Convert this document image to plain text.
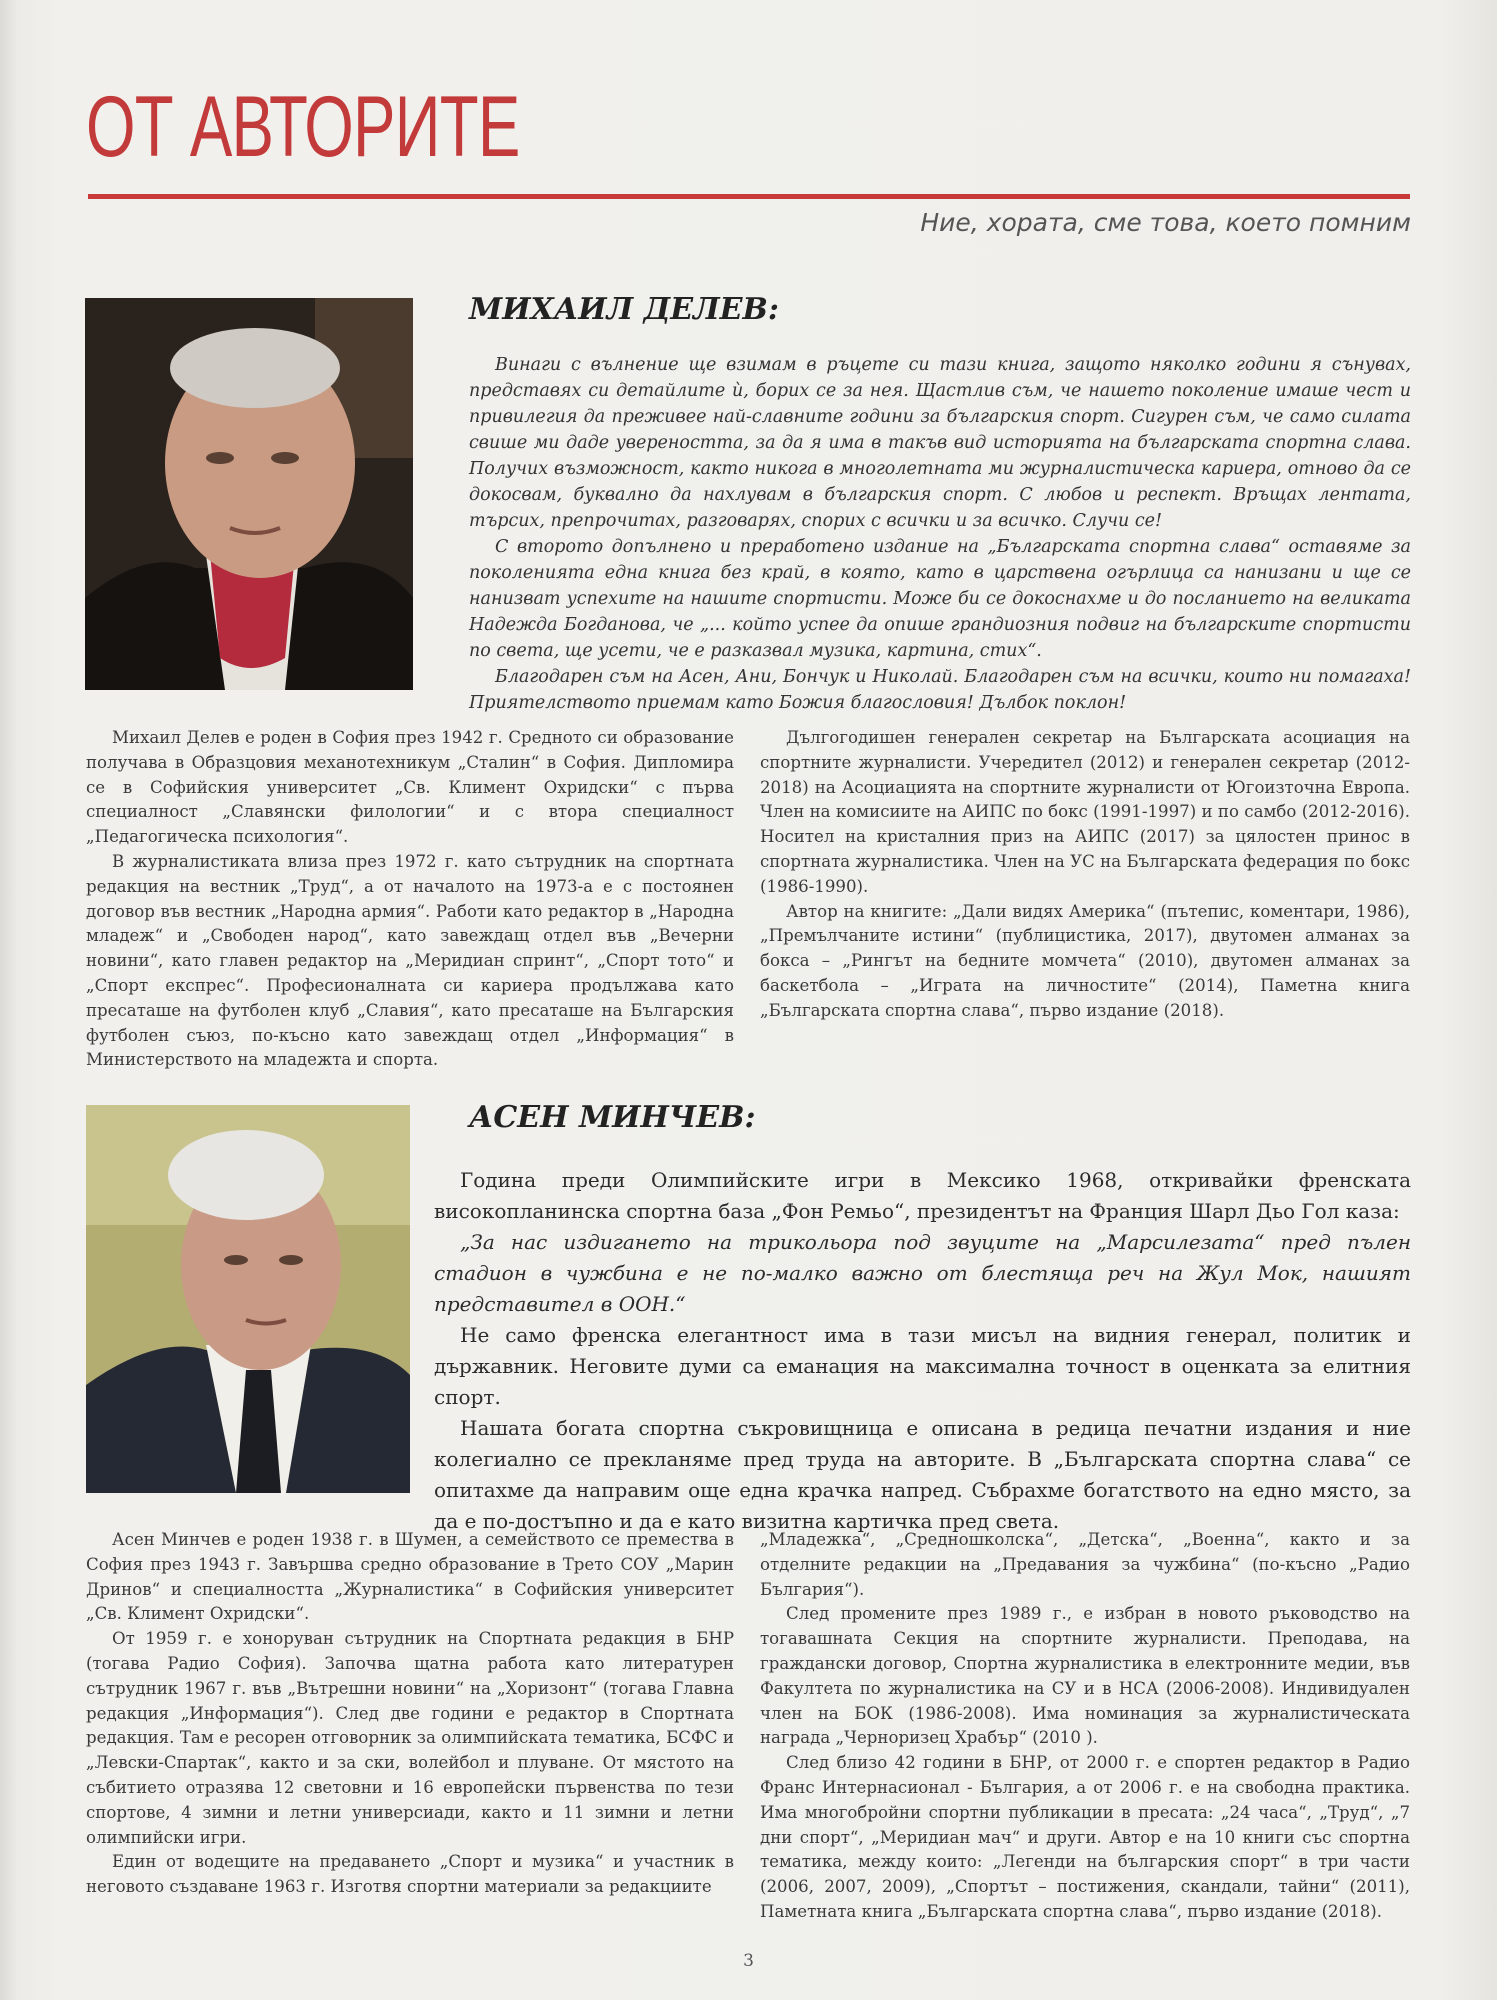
ОТ АВТОРИТЕ
Ние, хората, сме това, което помним
МИХАИЛ ДЕЛЕВ:

Винаги с вълнение ще взимам в ръцете си тази книга, защото няколко години я сънувах, представях си детайлите ѝ, борих се за нея. Щастлив съм, че нашето поколение имаше чест и привилегия да преживее най-славните години за българския спорт. Сигурен съм, че само силата свише ми даде увереността, за да я има в такъв вид историята на българската спортна слава. Получих възможност, както никога в многолетната ми журналистическа кариера, отново да се докосвам, буквално да нахлувам в българския спорт. С любов и респект. Връщах лентата, търсих, препрочитах, разговарях, спорих с всички и за всичко. Случи се!

С второто допълнено и преработено издание на „Българската спортна слава“ оставяме за поколенията една книга без край, в която, като в царствена огърлица са нанизани и ще се нанизват успехите на нашите спортисти. Може би се докоснахме и до посланието на великата Надежда Богданова, че „... който успее да опише грандиозния подвиг на българските спортисти по света, ще усети, че е разказвал музика, картина, стих“.

Благодарен съм на Асен, Ани, Бончук и Николай. Благодарен съм на всички, които ни помагаха! Приятелството приемам като Божия благословия! Дълбок поклон!

Михаил Делев е роден в София през 1942 г. Средното си образование получава в Образцовия механотехникум „Сталин“ в София. Дипломира се в Софийския университет „Св. Климент Охридски“ с първа специалност „Славянски филологии“ и с втора специалност „Педагогическа психология“.

В журналистиката влиза през 1972 г. като сътрудник на спортната редакция на вестник „Труд“, а от началото на 1973-а е с постоянен договор във вестник „Народна армия“. Работи като редактор в „Народна младеж“ и „Свободен народ“, като завеждащ отдел във „Вечерни новини“, като главен редактор на „Меридиан спринт“, „Спорт тото“ и „Спорт експрес“. Професионалната си кариера продължава като пресаташе на футболен клуб „Славия“, като пресаташе на Българския футболен съюз, по-късно като завеждащ отдел „Информация“ в Министерството на младежта и спорта.

Дългогодишен генерален секретар на Българската асоциация на спортните журналисти. Учередител (2012) и генерален секретар (2012-2018) на Асоциацията на спортните журналисти от Югоизточна Европа. Член на комисиите на АИПС по бокс (1991-1997) и по самбо (2012-2016). Носител на кристалния приз на АИПС (2017) за цялостен принос в спортната журналистика. Член на УС на Българската федерация по бокс (1986-1990).

Автор на книгите: „Дали видях Америка“ (пътепис, коментари, 1986), „Премълчаните истини“ (публицистика, 2017), двутомен алманах за бокса – „Рингът на бедните момчета“ (2010), двутомен алманах за баскетбола – „Играта на личностите“ (2014), Паметна книга „Българската спортна слава“, първо издание (2018).

АСЕН МИНЧЕВ:

Година преди Олимпийските игри в Мексико 1968, откривайки френската високопланинска спортна база „Фон Ремьо“, президентът на Франция Шарл Дьо Гол каза:

„За нас издигането на трикольора под звуците на „Марсилезата“ пред пълен стадион в чужбина е не по-малко важно от блестяща реч на Жул Мок, нашият представител в ООН.“

Не само френска елегантност има в тази мисъл на видния генерал, политик и държавник. Неговите думи са еманация на максимална точност в оценката за елитния спорт.

Нашата богата спортна съкровищница е описана в редица печатни издания и ние колегиално се прекланяме пред труда на авторите. В „Българската спортна слава“ се опитахме да направим още една крачка напред. Събрахме богатството на едно място, за да е по-достъпно и да е като визитна картичка пред света.

Асен Минчев е роден 1938 г. в Шумен, а семейството се премества в София през 1943 г. Завършва средно образование в Трето СОУ „Марин Дринов“ и специалността „Журналистика“ в Софийския университет „Св. Климент Охридски“.

От 1959 г. е хоноруван сътрудник на Спортната редакция в БНР (тогава Радио София). Започва щатна работа като литературен сътрудник 1967 г. във „Вътрешни новини“ на „Хоризонт“ (тогава Главна редакция „Информация“). След две години е редактор в Спортната редакция. Там е ресорен отговорник за олимпийската тематика, БСФС и „Левски-Спартак“, както и за ски, волейбол и плуване. От мястото на събитието отразява 12 световни и 16 европейски първенства по тези спортове, 4 зимни и летни универсиади, както и 11 зимни и летни олимпийски игри.

Един от водещите на предаването „Спорт и музика“ и участник в неговото създаване 1963 г. Изготвя спортни материали за редакциите

„Младежка“, „Средношколска“, „Детска“, „Военна“, както и за отделните редакции на „Предавания за чужбина“ (по-късно „Радио България“).

След промените през 1989 г., е избран в новото ръководство на тогавашната Секция на спортните журналисти. Преподава, на граждански договор, Спортна журналистика в електронните медии, във Факултета по журналистика на СУ и в НСА (2006-2008). Индивидуален член на БОК (1986-2008). Има номинация за журналистическата награда „Черноризец Храбър“ (2010 ).

След близо 42 години в БНР, от 2000 г. е спортен редактор в Радио Франс Интернасионал - България, а от 2006 г. е на свободна практика. Има многобройни спортни публикации в пресата: „24 часа“, „Труд“, „7 дни спорт“, „Меридиан мач“ и други. Автор е на 10 книги със спортна тематика, между които: „Легенди на българския спорт“ в три части (2006, 2007, 2009), „Спортът – постижения, скандали, тайни“ (2011), Паметната книга „Българската спортна слава“, първо издание (2018).

3
